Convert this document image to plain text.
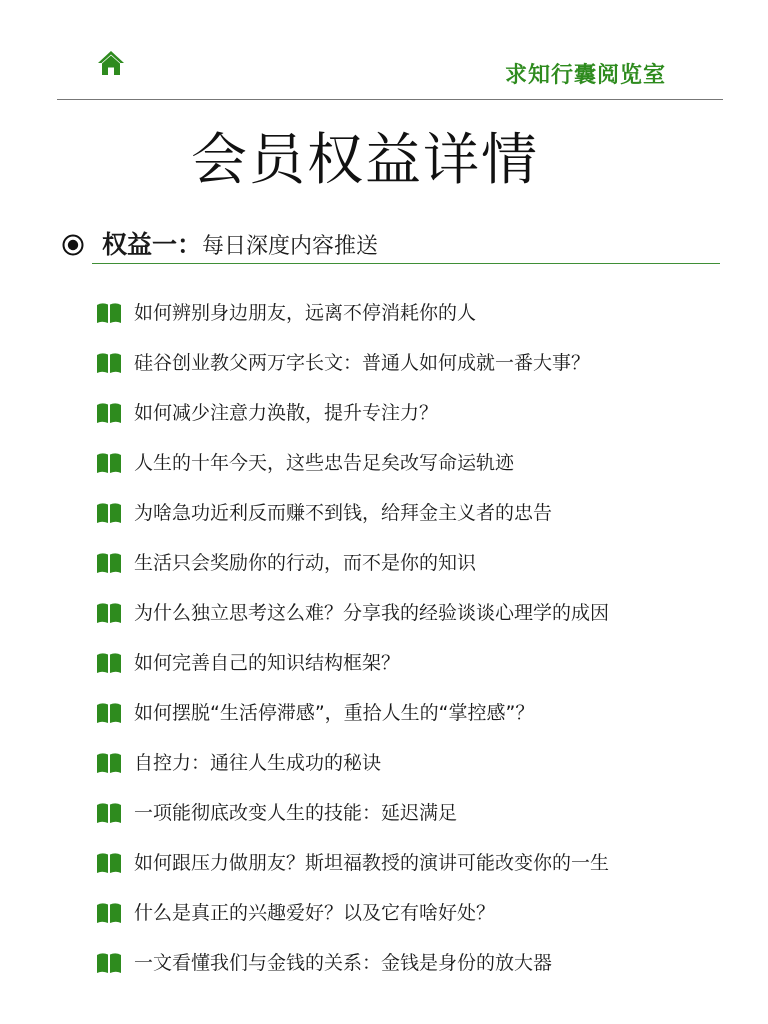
求知行囊阅览室
会员权益详情
权益一：每日深度内容推送
如何辨别身边朋友，远离不停消耗你的人
硅谷创业教父两万字长文：普通人如何成就一番大事？
如何减少注意力涣散，提升专注力？
人生的十年今天，这些忠告足矣改写命运轨迹
为啥急功近利反而赚不到钱，给拜金主义者的忠告
生活只会奖励你的行动，而不是你的知识
为什么独立思考这么难？分享我的经验谈谈心理学的成因
如何完善自己的知识结构框架？
如何摆脱“生活停滞感”，重拾人生的“掌控感”？
自控力：通往人生成功的秘诀
一项能彻底改变人生的技能：延迟满足
如何跟压力做朋友？斯坦福教授的演讲可能改变你的一生
什么是真正的兴趣爱好？以及它有啥好处？
一文看懂我们与金钱的关系：金钱是身份的放大器
